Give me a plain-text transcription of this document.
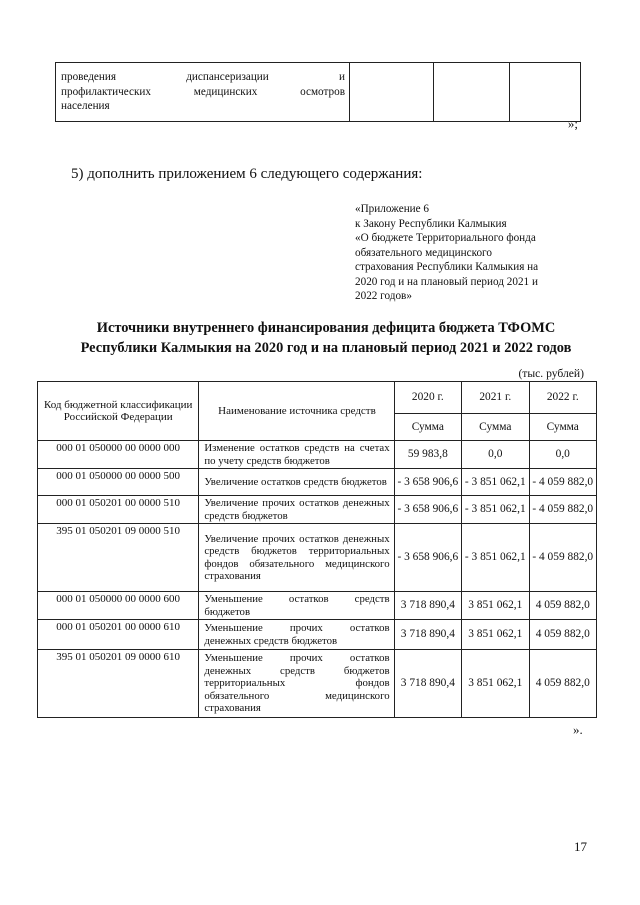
проведения диспансеризации и
профилактических медицинских осмотров
населения

»;
5) дополнить приложением 6 следующего содержания:
«Приложение 6
к Закону Республики Калмыкия
«О бюджете Территориального фонда
обязательного медицинского
страхования Республики Калмыкия на
2020 год и на плановый период 2021 и
2022 годов»
Источники внутреннего финансирования дефицита бюджета ТФОМС
Республики Калмыкия на 2020 год и на плановый период 2021 и 2022 годов
(тыс. рублей)
Код бюджетной классификации Российской Федерации	Наименование источника средств	2020 г.	2021 г.	2022 г.
		Сумма	Сумма	Сумма
000 01 050000 00 0000 000	Изменение остатков средств на счетах по учету средств бюджетов	59 983,8	0,0	0,0
000 01 050000 00 0000 500	Увеличение остатков средств бюджетов	- 3 658 906,6	- 3 851 062,1	- 4 059 882,0
000 01 050201 00 0000 510	Увеличение прочих остатков денежных средств бюджетов	- 3 658 906,6	- 3 851 062,1	- 4 059 882,0
395 01 050201 09 0000 510	Увеличение прочих остатков денежных средств бюджетов территориальных фондов обязательного медицинского страхования	- 3 658 906,6	- 3 851 062,1	- 4 059 882,0
000 01 050000 00 0000 600	Уменьшение остатков средств бюджетов	3 718 890,4	3 851 062,1	4 059 882,0
000 01 050201 00 0000 610	Уменьшение прочих остатков денежных средств бюджетов	3 718 890,4	3 851 062,1	4 059 882,0
395 01 050201 09 0000 610	Уменьшение прочих остатков денежных средств бюджетов территориальных фондов обязательного медицинского страхования	3 718 890,4	3 851 062,1	4 059 882,0
».
17
